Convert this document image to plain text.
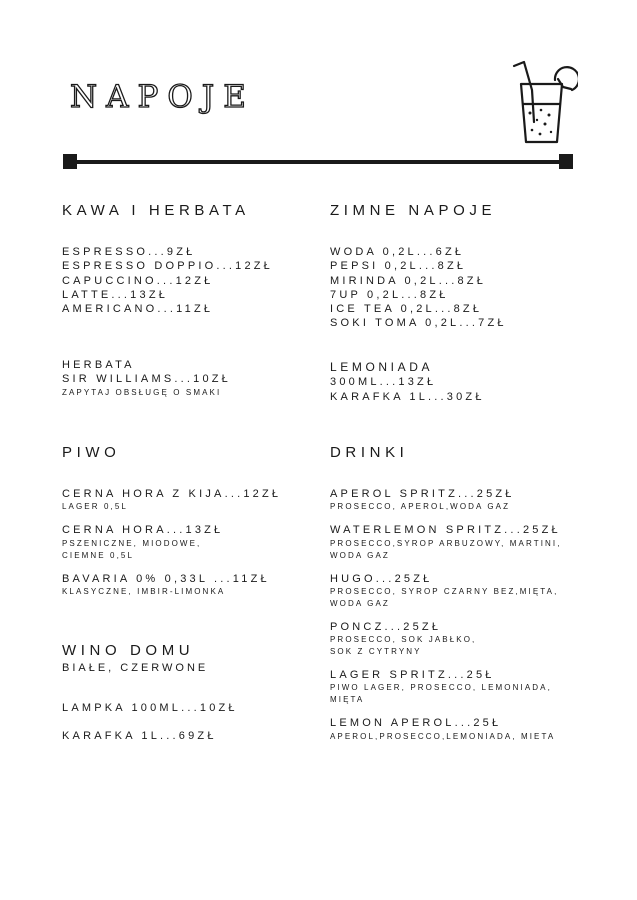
NAPOJE
KAWA I HERBATA
ESPRESSO...9ZŁ
ESPRESSO DOPPIO...12ZŁ
CAPUCCINO...12ZŁ
LATTE...13ZŁ
AMERICANO...11ZŁ
HERBATA
SIR WILLIAMS...10ZŁ
ZAPYTAJ OBSŁUGĘ O SMAKI
PIWO
CERNA HORA Z KIJA...12ZŁ
LAGER 0,5L
CERNA HORA...13ZŁ
PSZENICZNE, MIODOWE,
CIEMNE 0,5L
BAVARIA 0% 0,33L ...11ZŁ
KLASYCZNE, IMBIR-LIMONKA
WINO DOMU
BIAŁE, CZERWONE
LAMPKA 100ML...10ZŁ
KARAFKA 1L...69ZŁ
ZIMNE NAPOJE
WODA 0,2L...6ZŁ
PEPSI 0,2L...8ZŁ
MIRINDA 0,2L...8ZŁ
7UP 0,2L...8ZŁ
ICE TEA 0,2L...8ZŁ
SOKI TOMA 0,2L...7ZŁ
LEMONIADA
300ML...13ZŁ
KARAFKA 1L...30ZŁ
DRINKI
APEROL SPRITZ...25ZŁ
PROSECCO, APEROL,WODA GAZ
WATERLEMON SPRITZ...25ZŁ
PROSECCO,SYROP ARBUZOWY, MARTINI,
WODA GAZ
HUGO...25ZŁ
PROSECCO, SYROP CZARNY BEZ,MIĘTA,
WODA GAZ
PONCZ...25ZŁ
PROSECCO, SOK JABŁKO,
SOK Z CYTRYNY
LAGER SPRITZ...25Ł
PIWO LAGER, PROSECCO, LEMONIADA,
MIĘTA
LEMON APEROL...25Ł
APEROL,PROSECCO,LEMONIADA, MIETA
